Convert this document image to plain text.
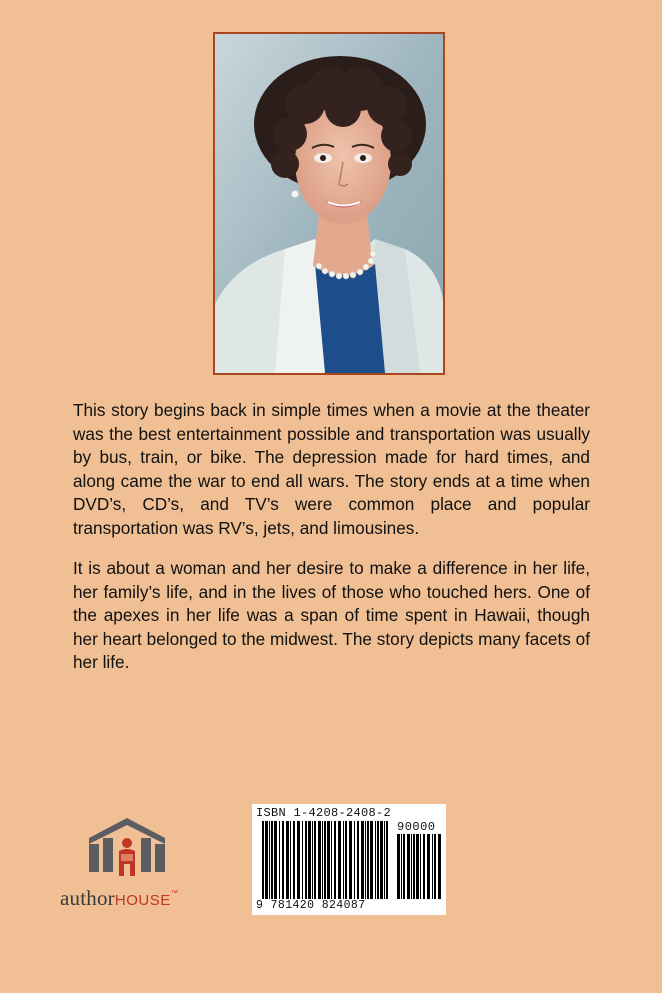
This story begins back in simple times when a movie at the theater was the best entertainment possible and transportation was usually by bus, train, or bike. The depression made for hard times, and along came the war to end all wars. The story ends at a time when DVD’s, CD’s, and TV’s were common place and popular transportation was RV’s, jets, and limousines.

It is about a woman and her desire to make a difference in her life, her family’s life, and in the lives of those who touched hers. One of the apexes in her life was a span of time spent in Hawaii, though her heart belonged to the midwest. The story depicts many facets of her life.

authorHOUSE™
ISBN 1-4208-2408-2
90000
9 781420 824087
